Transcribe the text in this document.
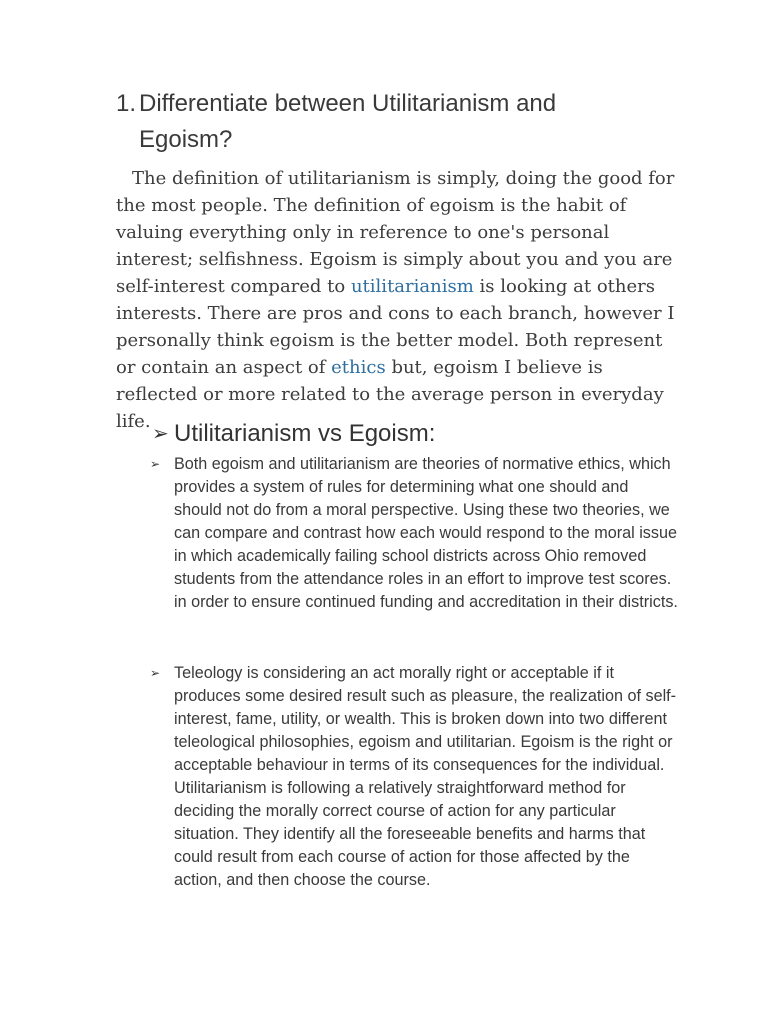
1. Differentiate between Utilitarianism and Egoism?

The definition of utilitarianism is simply, doing the good for the most people. The definition of egoism is the habit of valuing everything only in reference to one's personal interest; selfishness. Egoism is simply about you and you are self-interest compared to utilitarianism is looking at others interests. There are pros and cons to each branch, however I personally think egoism is the better model. Both represent or contain an aspect of ethics but, egoism I believe is reflected or more related to the average person in everyday life.

➢ Utilitarianism vs Egoism:
➢ Both egoism and utilitarianism are theories of normative ethics, which provides a system of rules for determining what one should and should not do from a moral perspective. Using these two theories, we can compare and contrast how each would respond to the moral issue in which academically failing school districts across Ohio removed students from the attendance roles in an effort to improve test scores. in order to ensure continued funding and accreditation in their districts.

➢ Teleology is considering an act morally right or acceptable if it produces some desired result such as pleasure, the realization of self-interest, fame, utility, or wealth. This is broken down into two different teleological philosophies, egoism and utilitarian. Egoism is the right or acceptable behaviour in terms of its consequences for the individual. Utilitarianism is following a relatively straightforward method for deciding the morally correct course of action for any particular situation. They identify all the foreseeable benefits and harms that could result from each course of action for those affected by the action, and then choose the course.
